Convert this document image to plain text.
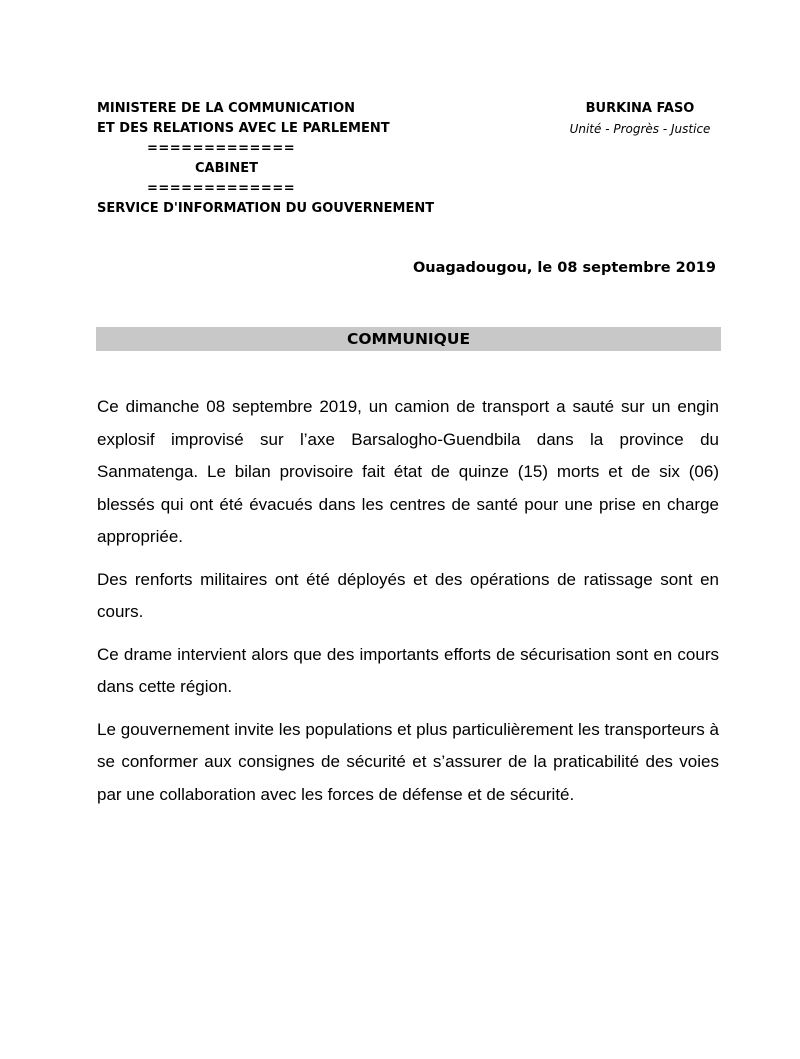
MINISTERE DE LA COMMUNICATION
ET DES RELATIONS AVEC LE PARLEMENT
=============
CABINET
=============
SERVICE D'INFORMATION DU GOUVERNEMENT
BURKINA FASO
Unité - Progrès - Justice
Ouagadougou, le 08 septembre 2019
COMMUNIQUE

Ce dimanche 08 septembre 2019, un camion de transport a sauté sur un engin explosif improvisé sur l’axe Barsalogho-Guendbila dans la province du Sanmatenga. Le bilan provisoire fait état de quinze (15) morts et de six (06) blessés qui ont été évacués dans les centres de santé pour une prise en charge appropriée.

Des renforts militaires ont été déployés et des opérations de ratissage sont en cours.

Ce drame intervient alors que des importants efforts de sécurisation sont en cours dans cette région.

Le gouvernement invite les populations et plus particulièrement les transporteurs à se conformer aux consignes de sécurité et s’assurer de la praticabilité des voies par une collaboration avec les forces de défense et de sécurité.
